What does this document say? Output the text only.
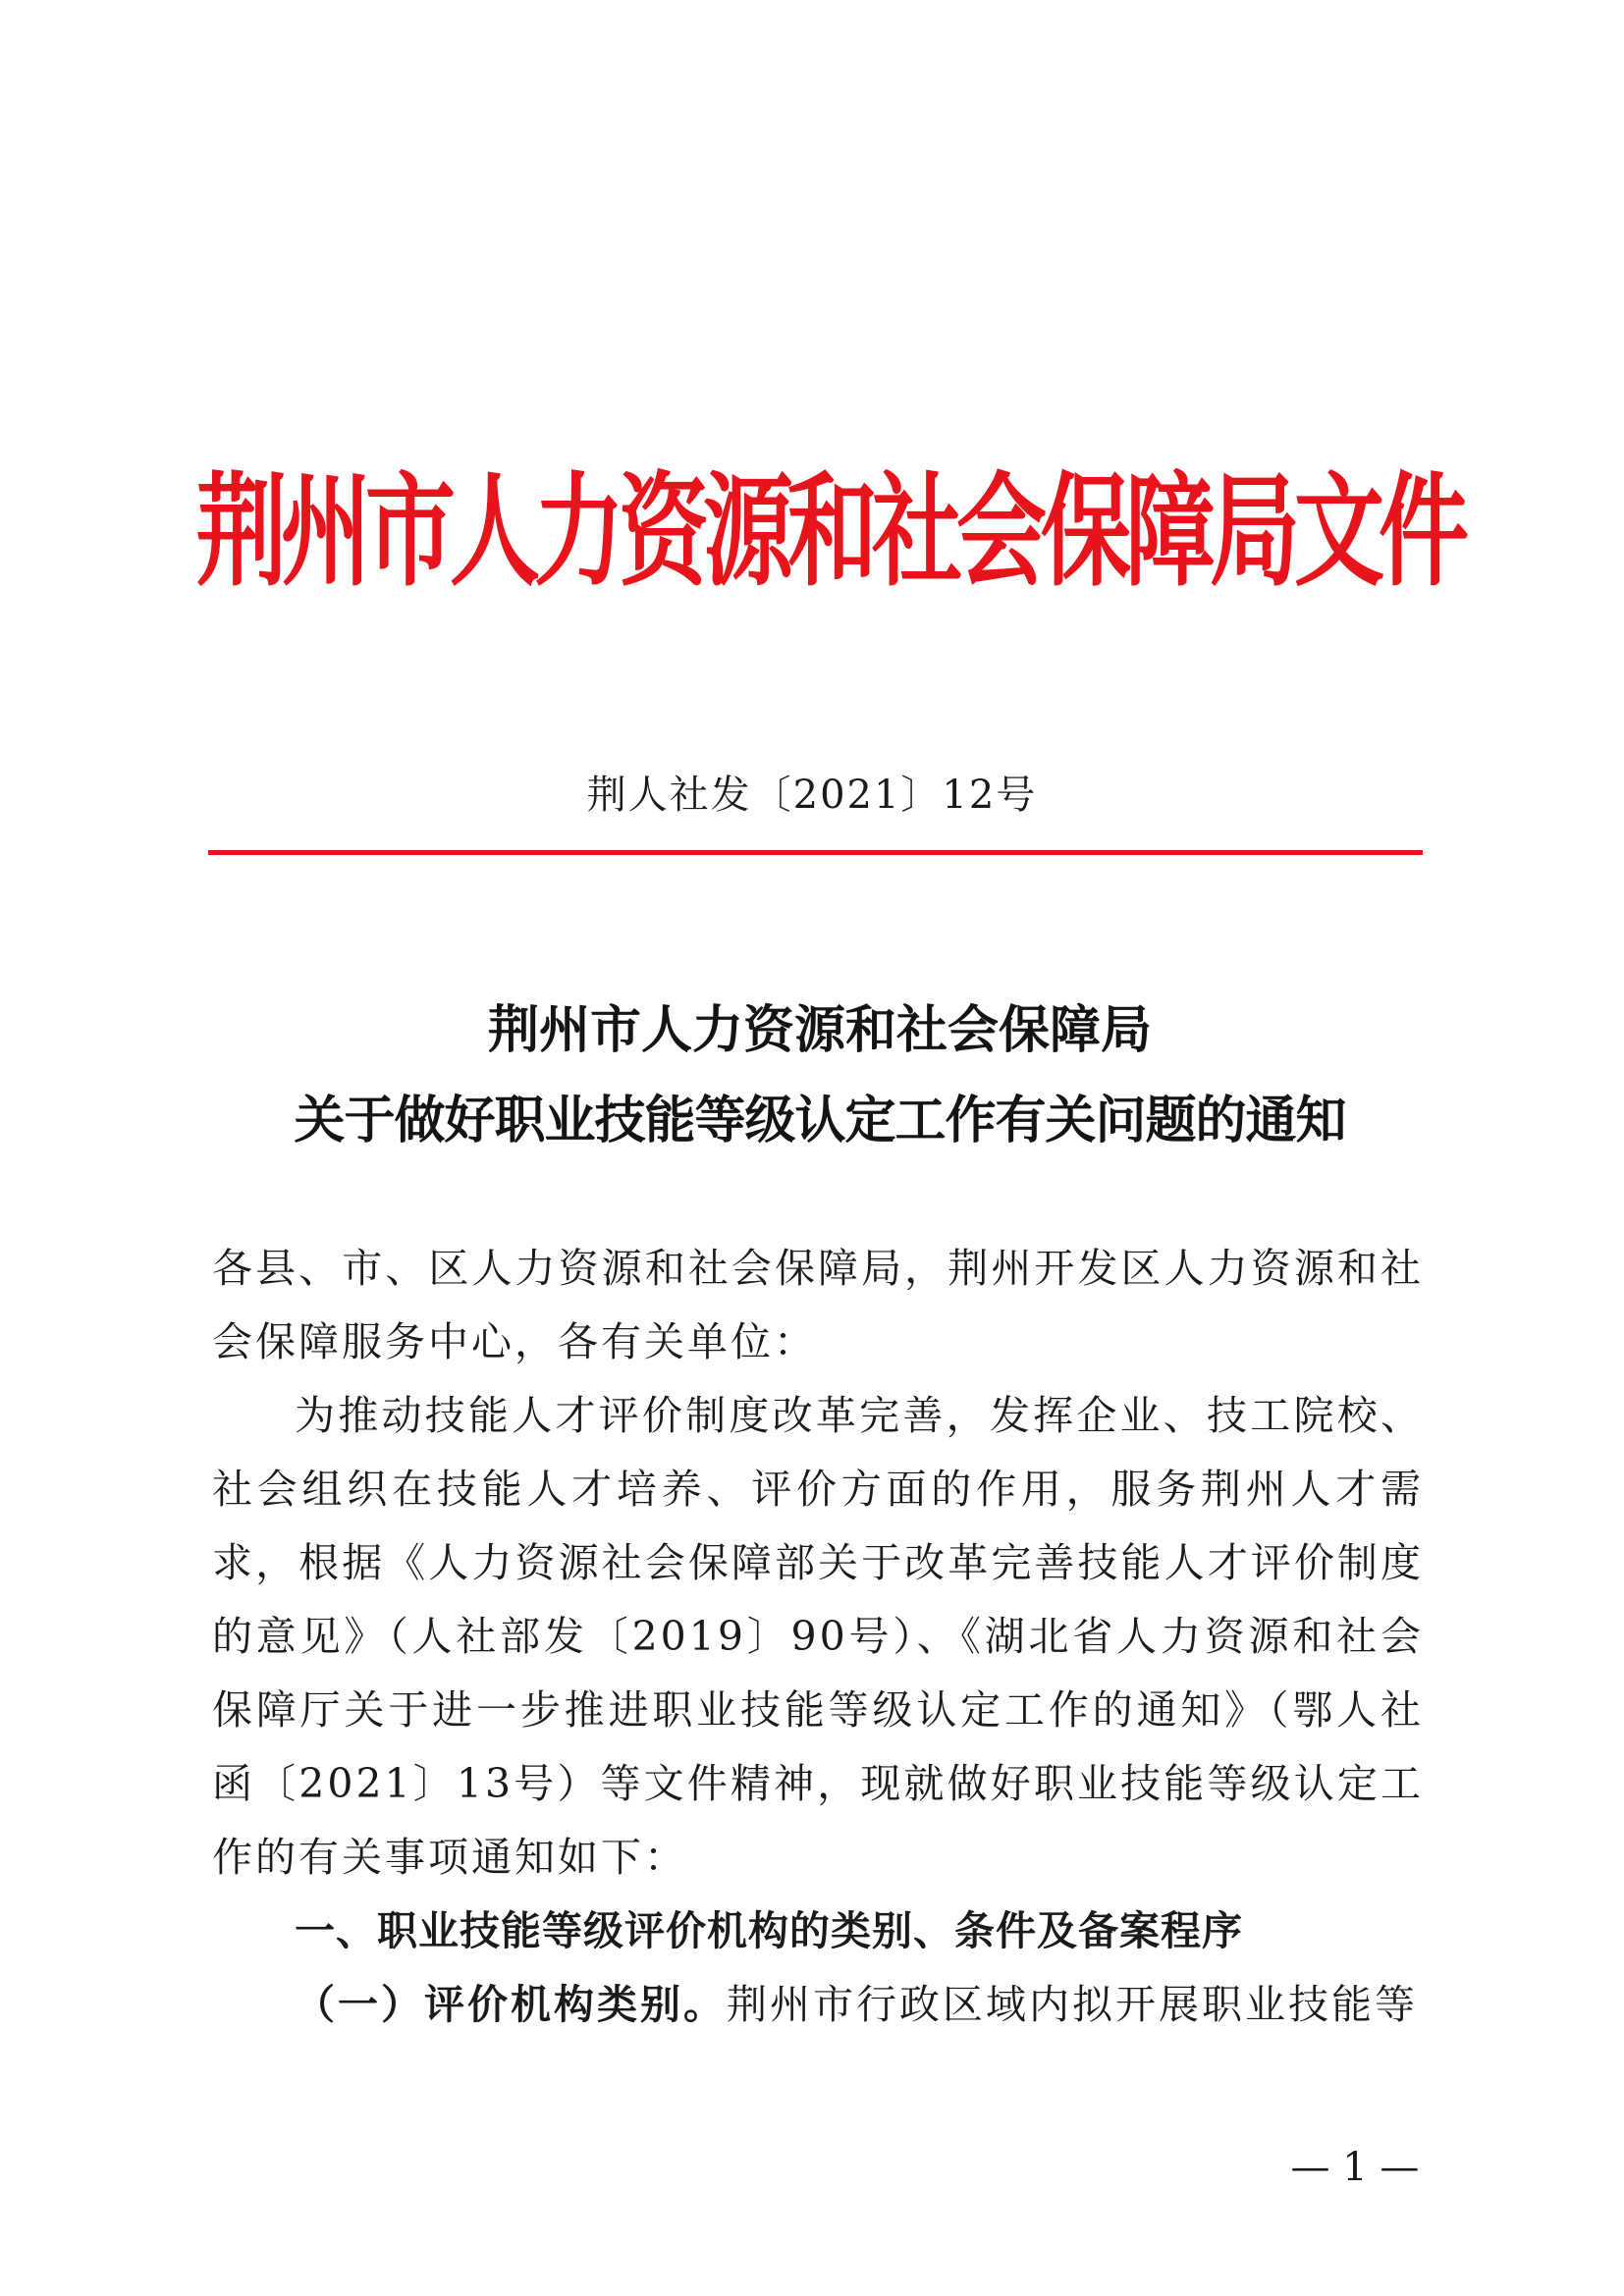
荆州市人力资源和社会保障局文件
荆人社发〔2021〕12号
荆州市人力资源和社会保障局
关于做好职业技能等级认定工作有关问题的通知

各县、市、区人力资源和社会保障局，荆州开发区人力资源和社会保障服务中心，各有关单位：

为推动技能人才评价制度改革完善，发挥企业、技工院校、社会组织在技能人才培养、评价方面的作用，服务荆州人才需求，根据《人力资源社会保障部关于改革完善技能人才评价制度的意见》（人社部发〔2019〕90号）、《湖北省人力资源和社会保障厅关于进一步推进职业技能等级认定工作的通知》（鄂人社函〔2021〕13号）等文件精神，现就做好职业技能等级认定工作的有关事项通知如下：

一、职业技能等级评价机构的类别、条件及备案程序

（一）评价机构类别。荆州市行政区域内拟开展职业技能等

— 1 —
